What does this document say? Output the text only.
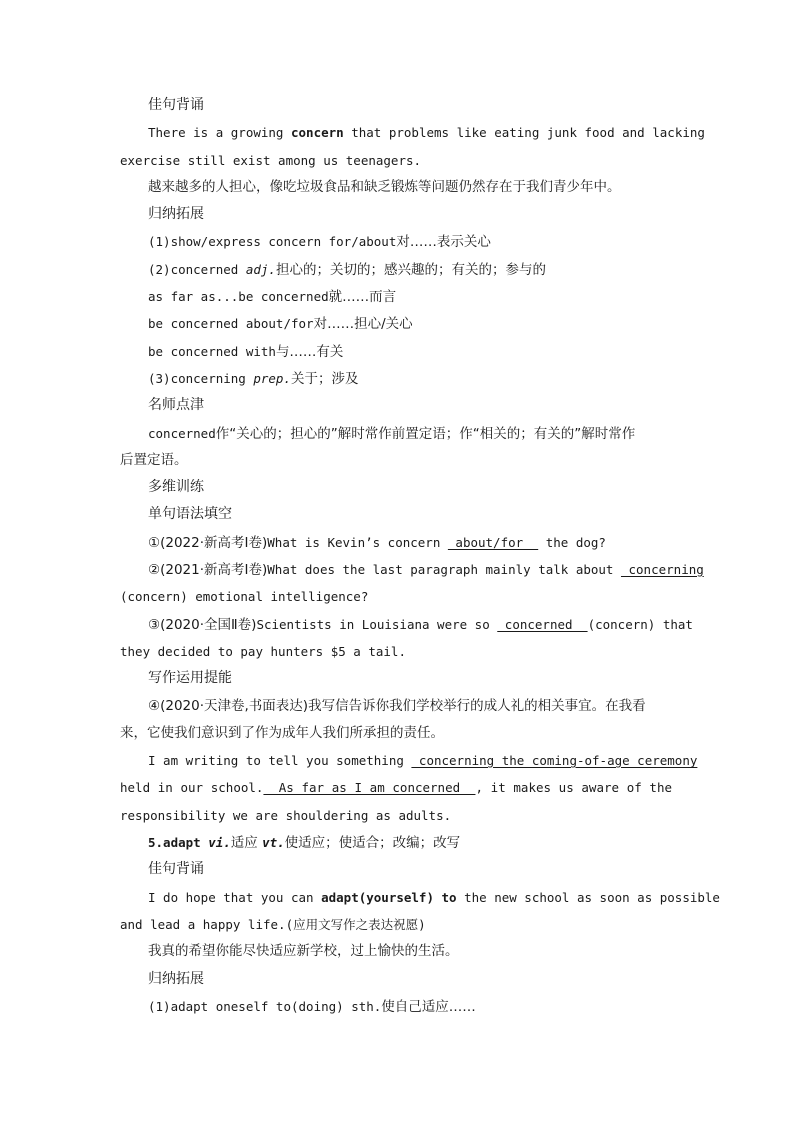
佳句背诵
There is a growing concern that problems like eating junk food and lacking
exercise still exist among us teenagers.
越来越多的人担心，像吃垃圾食品和缺乏锻炼等问题仍然存在于我们青少年中。
归纳拓展
(1)show/express concern for/about对……表示关心
(2)concerned adj.担心的；关切的；感兴趣的；有关的；参与的
as far as...be concerned就……而言
be concerned about/for对……担心/关心
be concerned with与……有关
(3)concerning prep.关于；涉及
名师点津
concerned作“关心的；担心的”解时常作前置定语；作“相关的；有关的”解时常作
后置定语。
多维训练
单句语法填空
①(2022·新高考Ⅰ卷)What is Kevin’s concern  about/for   the dog?
②(2021·新高考Ⅰ卷)What does the last paragraph mainly talk about  concerning
(concern) emotional intelligence?
③(2020·全国Ⅱ卷)Scientists in Louisiana were so  concerned  (concern) that
they decided to pay hunters $5 a tail.
写作运用提能
④(2020·天津卷,书面表达)我写信告诉你我们学校举行的成人礼的相关事宜。在我看
来，它使我们意识到了作为成年人我们所承担的责任。
I am writing to tell you something  concerning the coming-of-age ceremony
held in our school.  As far as I am concerned  , it makes us aware of the
responsibility we are shouldering as adults.
5.adapt vi.适应 vt.使适应；使适合；改编；改写
佳句背诵
I do hope that you can adapt(yourself) to the new school as soon as possible
and lead a happy life.(应用文写作之表达祝愿)
我真的希望你能尽快适应新学校，过上愉快的生活。
归纳拓展
(1)adapt oneself to(doing) sth.使自己适应……
